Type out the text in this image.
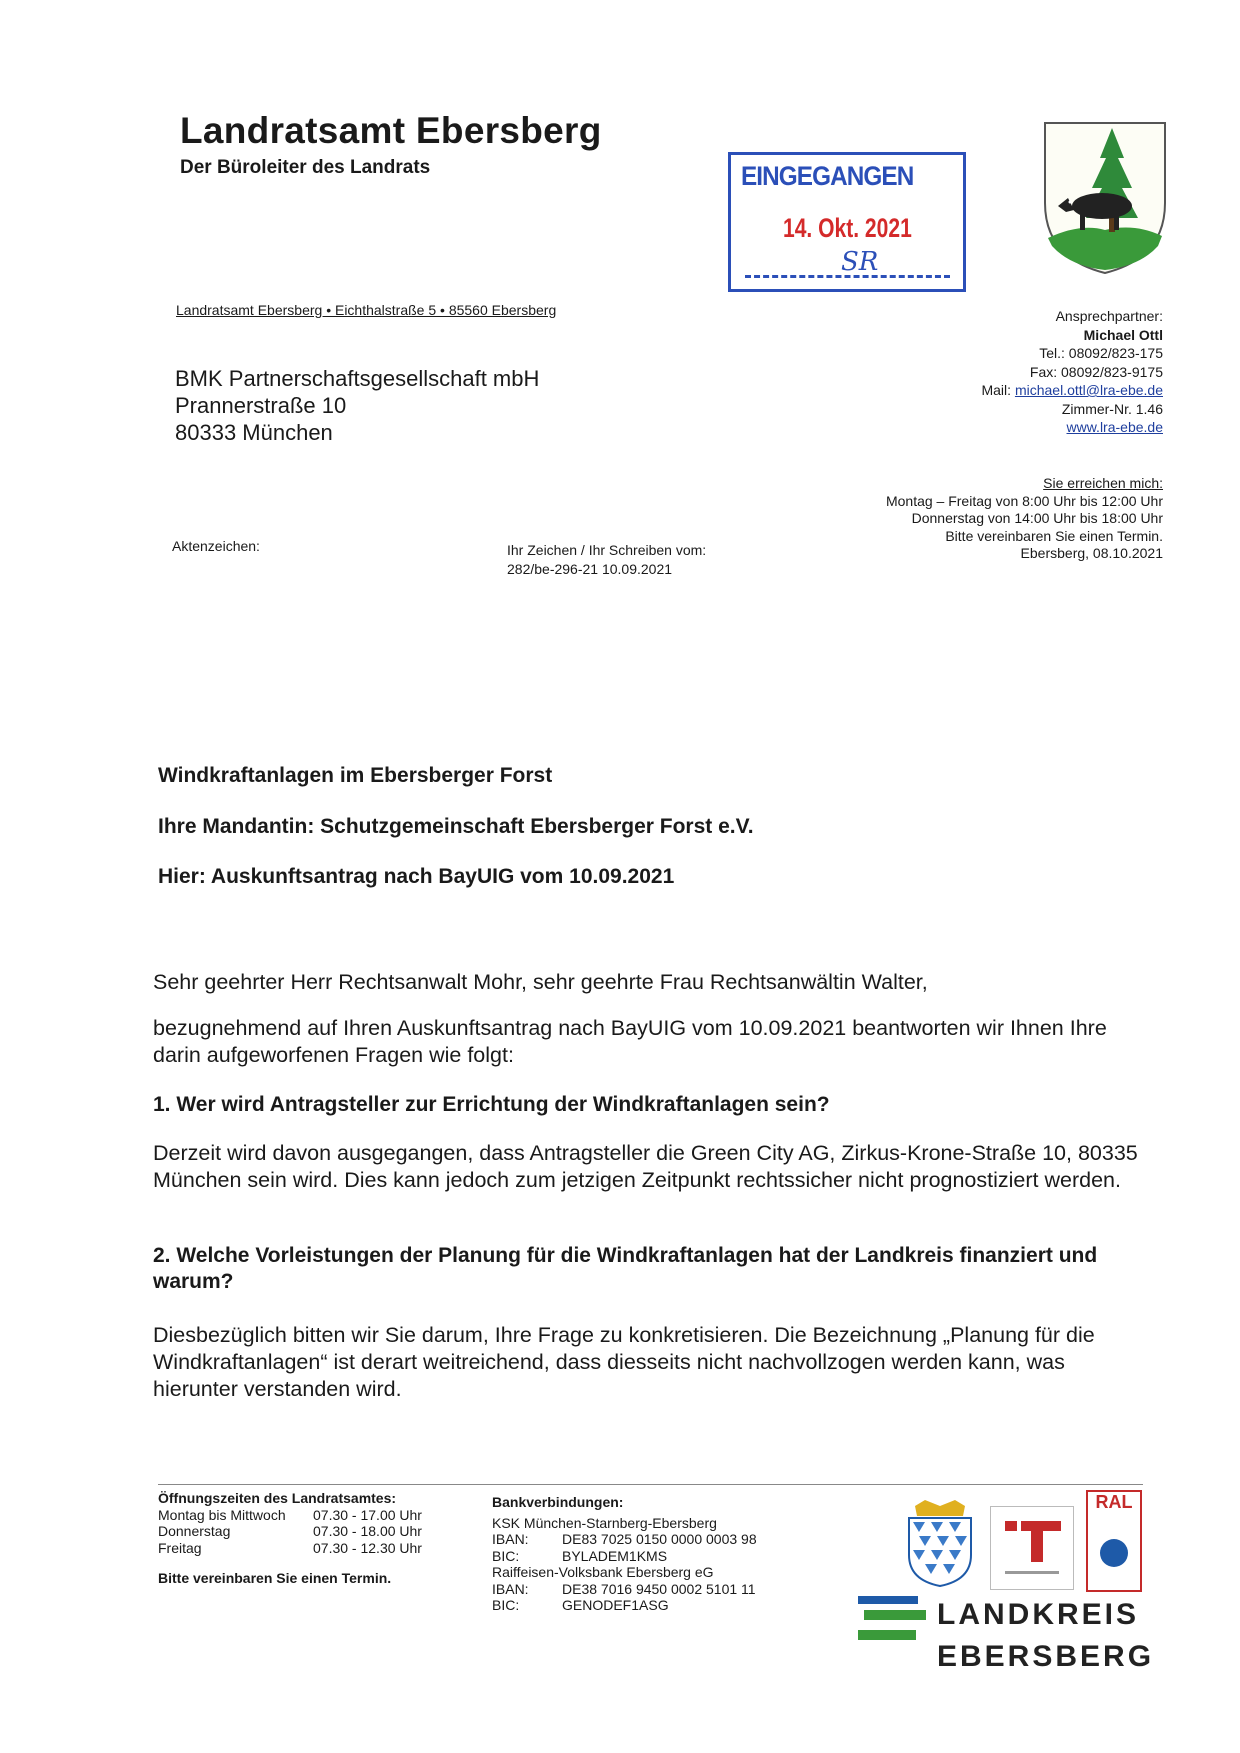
Landratsamt Ebersberg
Der Büroleiter des Landrats	EINGEGANGEN
14. Okt. 2021
SR
Landratsamt Ebersberg • Eichthalstraße 5 • 85560 Ebersberg
BMK Partnerschaftsgesellschaft mbH
Prannerstraße 10
80333 München
Ansprechpartner:
Michael Ottl
Tel.: 08092/823-175
Fax: 08092/823-9175
Mail: michael.ottl@lra-ebe.de
Zimmer-Nr. 1.46
www.lra-ebe.de
Sie erreichen mich:
Montag – Freitag von 8:00 Uhr bis 12:00 Uhr
Donnerstag von 14:00 Uhr bis 18:00 Uhr
Bitte vereinbaren Sie einen Termin.
Ebersberg, 08.10.2021
Aktenzeichen:	Ihr Zeichen / Ihr Schreiben vom:
282/be-296-21 10.09.2021
Windkraftanlagen im Ebersberger Forst
Ihre Mandantin: Schutzgemeinschaft Ebersberger Forst e.V.
Hier: Auskunftsantrag nach BayUIG vom 10.09.2021
Sehr geehrter Herr Rechtsanwalt Mohr, sehr geehrte Frau Rechtsanwältin Walter,
bezugnehmend auf Ihren Auskunftsantrag nach BayUIG vom 10.09.2021 beantworten wir Ihnen Ihre darin aufgeworfenen Fragen wie folgt:
1. Wer wird Antragsteller zur Errichtung der Windkraftanlagen sein?
Derzeit wird davon ausgegangen, dass Antragsteller die Green City AG, Zirkus-Krone-Straße 10, 80335 München sein wird. Dies kann jedoch zum jetzigen Zeitpunkt rechtssicher nicht prognostiziert werden.
2. Welche Vorleistungen der Planung für die Windkraftanlagen hat der Landkreis finanziert und warum?
Diesbezüglich bitten wir Sie darum, Ihre Frage zu konkretisieren. Die Bezeichnung „Planung für die Windkraftanlagen“ ist derart weitreichend, dass diesseits nicht nachvollzogen werden kann, was hierunter verstanden wird.
Öffnungszeiten des Landratsamtes:
Montag bis Mittwoch	07.30 - 17.00 Uhr
Donnerstag	07.30 - 18.00 Uhr
Freitag	07.30 - 12.30 Uhr
Bitte vereinbaren Sie einen Termin.
Bankverbindungen:
KSK München-Starnberg-Ebersberg
IBAN:	DE83 7025 0150 0000 0003 98
BIC:	BYLADEM1KMS
Raiffeisen-Volksbank Ebersberg eG
IBAN:	DE38 7016 9450 0002 5101 11
BIC:	GENODEF1ASG
RAL
LANDKREIS
EBERSBERG
